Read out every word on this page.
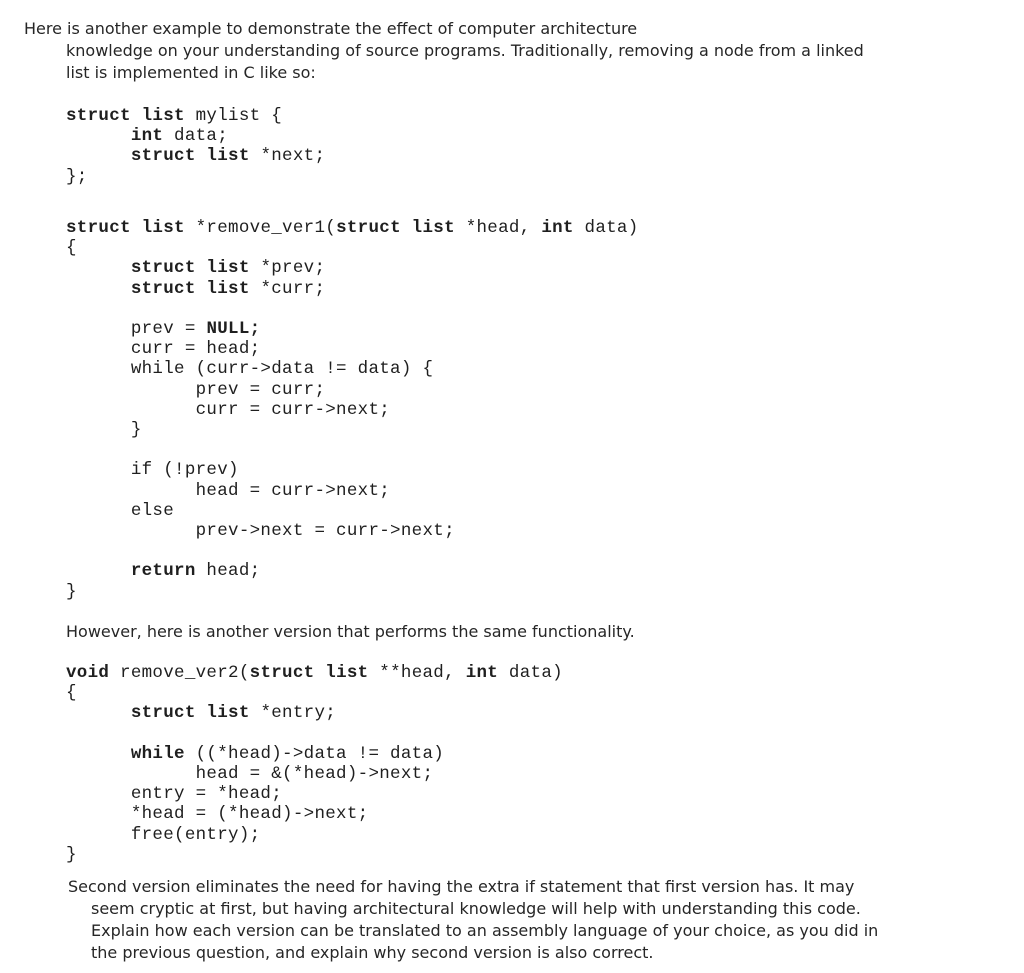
Here is another example to demonstrate the effect of computer architecture

knowledge on your understanding of source programs. Traditionally, removing a node from a linked

list is implemented in C like so:

struct list mylist {
int data;
struct list *next;
};
struct list *remove_ver1(struct list *head, int data)
{
struct list *prev;
struct list *curr;

prev = NULL;
curr = head;
while (curr->data != data) {
prev = curr;
curr = curr->next;
}

if (!prev)
head = curr->next;
else
prev->next = curr->next;

return head;
}

However, here is another version that performs the same functionality.

void remove_ver2(struct list **head, int data)
{
struct list *entry;

while ((*head)->data != data)
head = &(*head)->next;
entry = *head;
*head = (*head)->next;
free(entry);
}

Second version eliminates the need for having the extra if statement that first version has. It may

seem cryptic at first, but having architectural knowledge will help with understanding this code.

Explain how each version can be translated to an assembly language of your choice, as you did in

the previous question, and explain why second version is also correct.
